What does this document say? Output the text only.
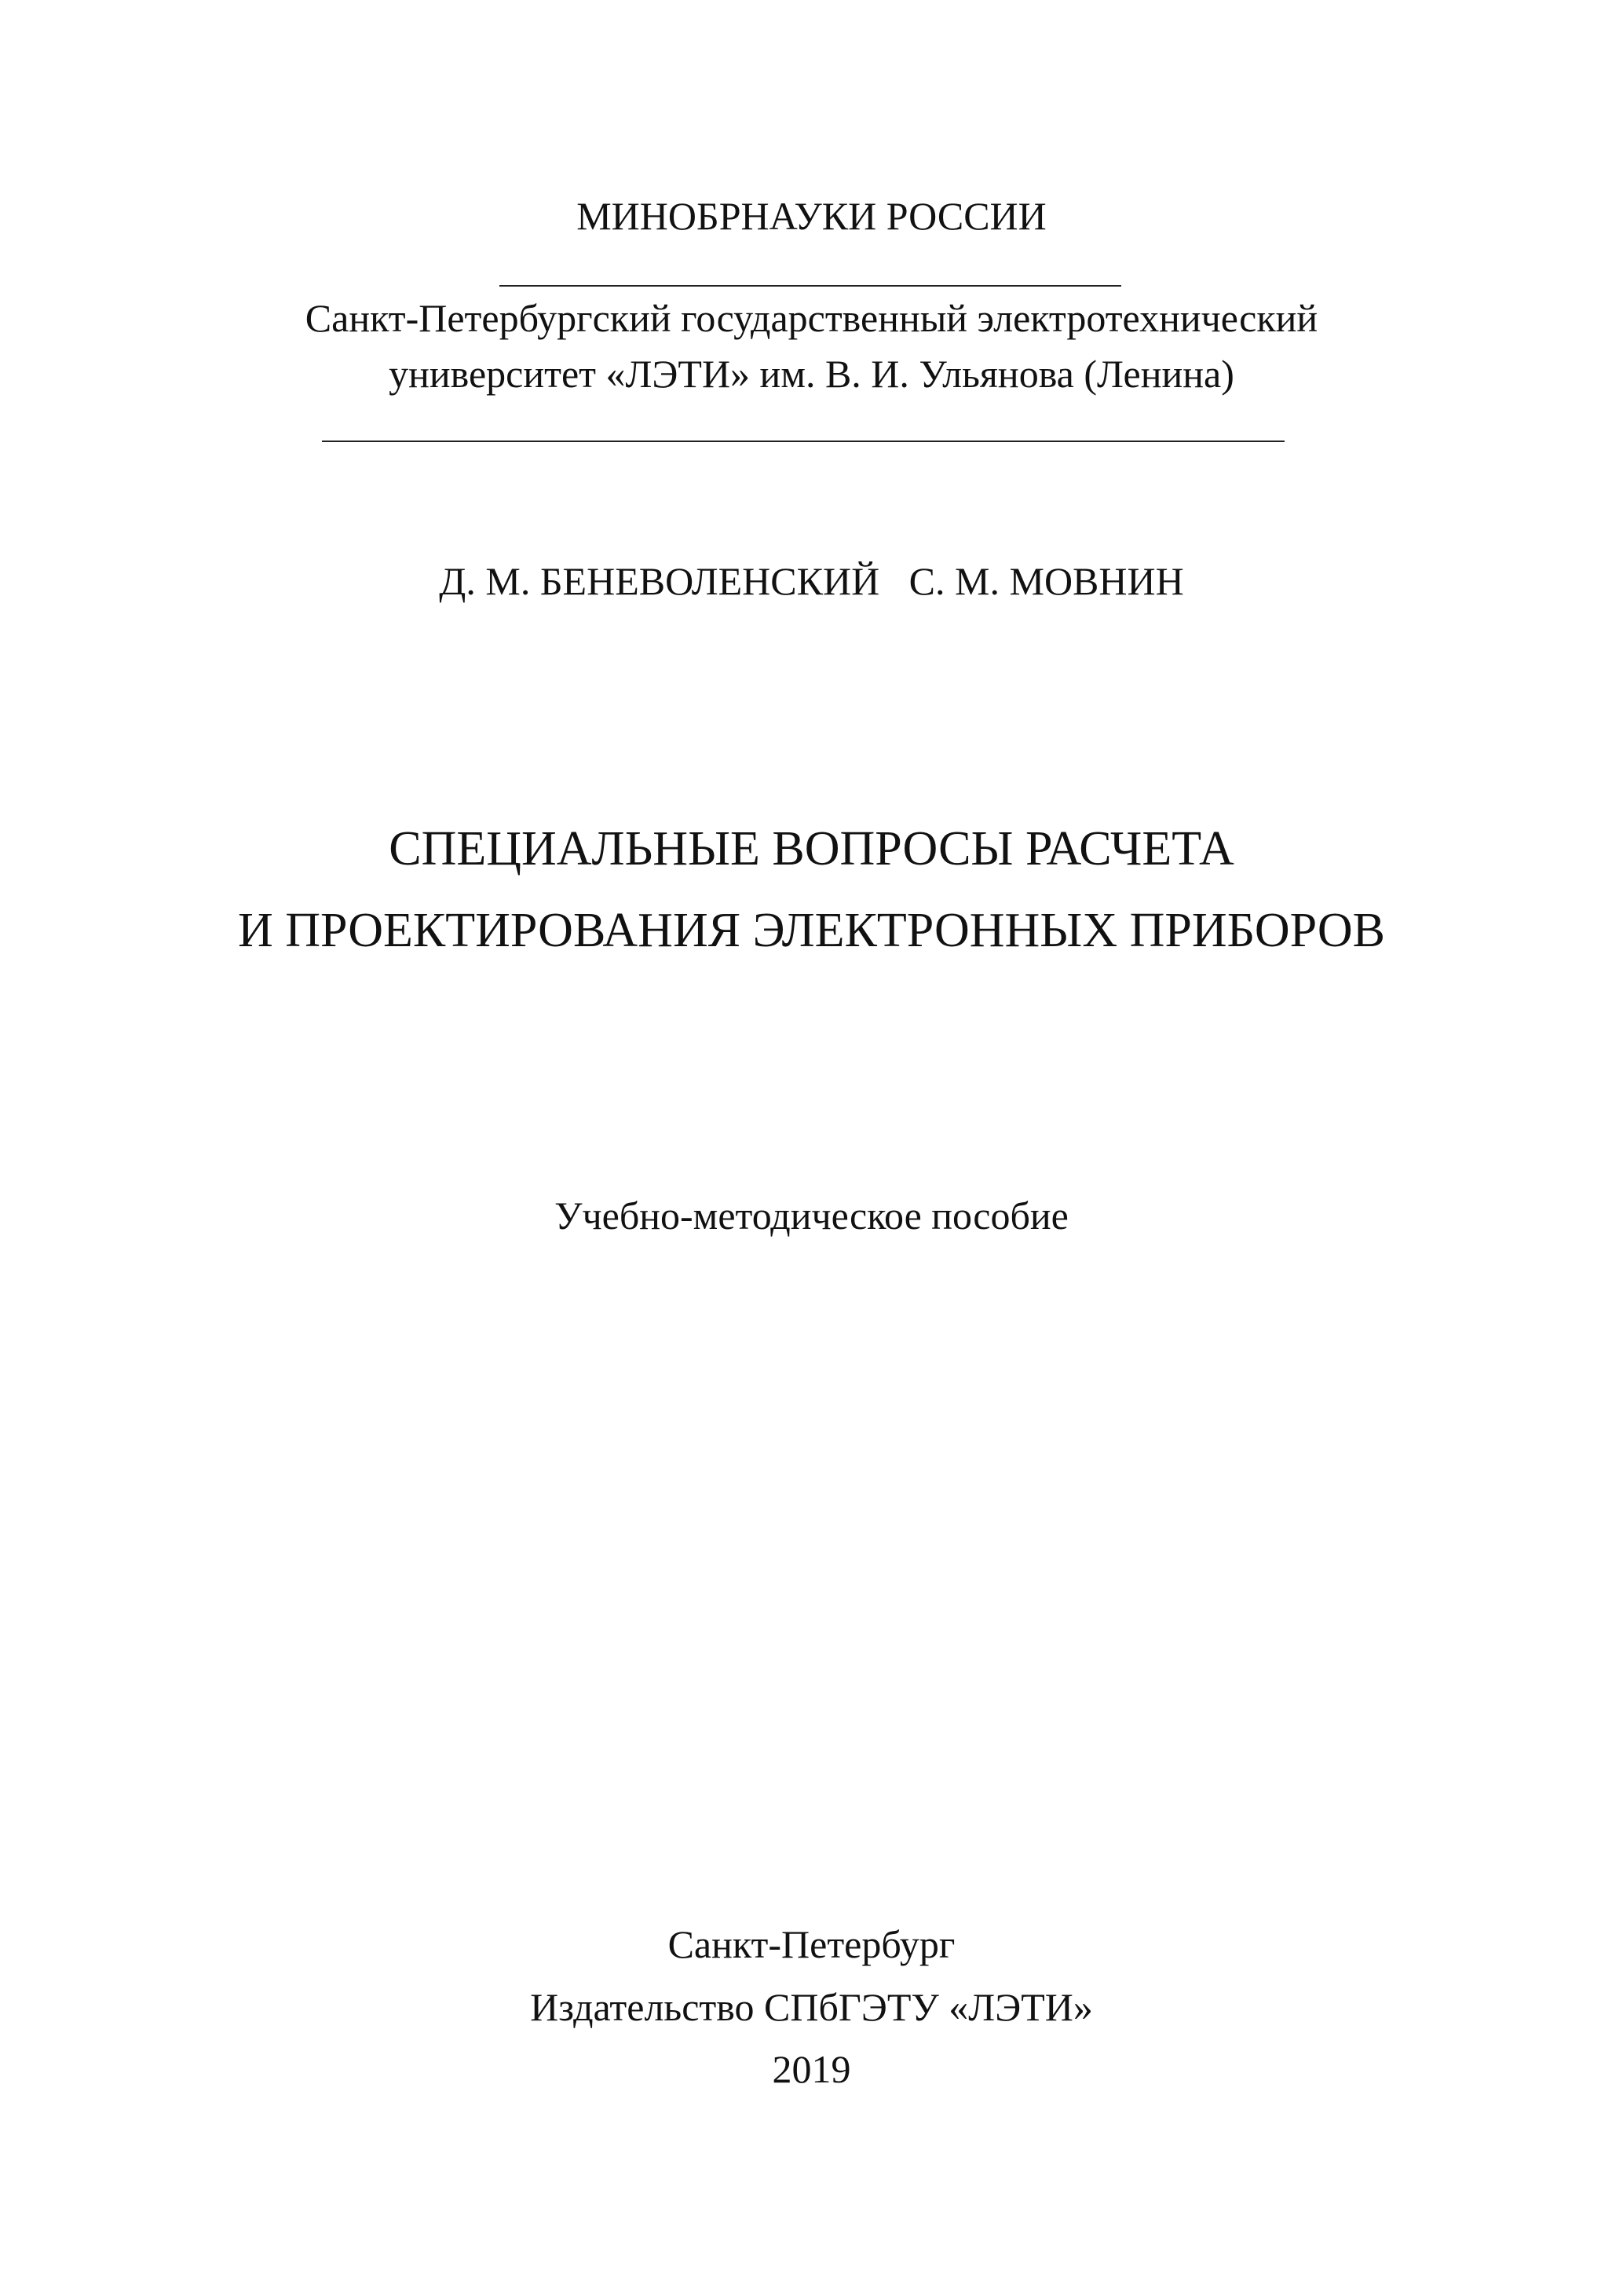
МИНОБРНАУКИ РОССИИ
Санкт-Петербургский государственный электротехнический
университет «ЛЭТИ» им. В. И. Ульянова (Ленина)
Д. М. БЕНЕВОЛЕНСКИЙ   С. М. МОВНИН
СПЕЦИАЛЬНЫЕ ВОПРОСЫ РАСЧЕТА
И ПРОЕКТИРОВАНИЯ ЭЛЕКТРОННЫХ ПРИБОРОВ
Учебно-методическое пособие
Санкт-Петербург
Издательство СПбГЭТУ «ЛЭТИ»
2019
